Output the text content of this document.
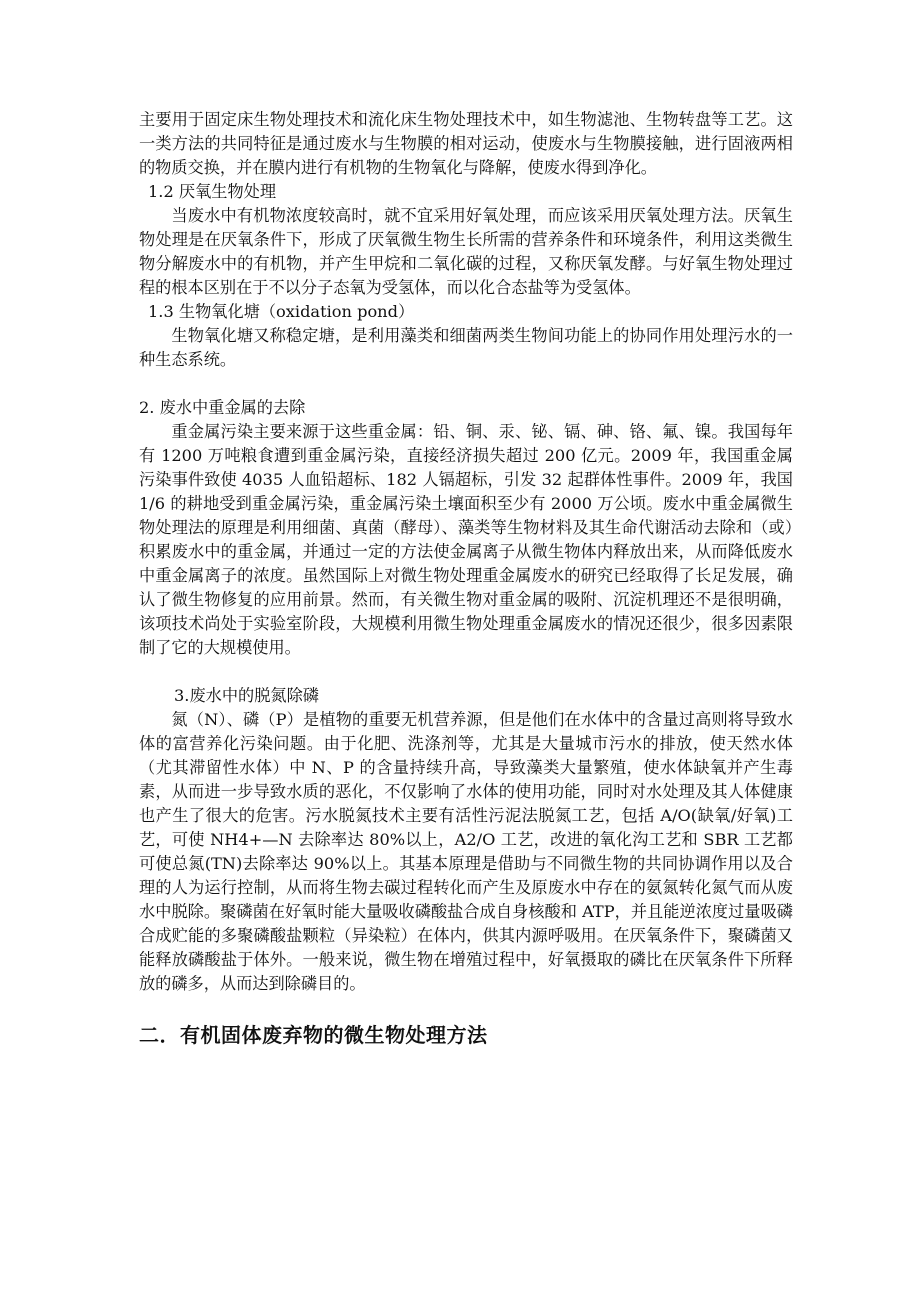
主要用于固定床生物处理技术和流化床生物处理技术中，如生物滤池、生物转盘等工艺。这一类方法的共同特征是通过废水与生物膜的相对运动，使废水与生物膜接触，进行固液两相的物质交换，并在膜内进行有机物的生物氧化与降解，使废水得到净化。

1.2 厌氧生物处理

当废水中有机物浓度较高时，就不宜采用好氧处理，而应该采用厌氧处理方法。厌氧生物处理是在厌氧条件下，形成了厌氧微生物生长所需的营养条件和环境条件，利用这类微生物分解废水中的有机物，并产生甲烷和二氧化碳的过程，又称厌氧发酵。与好氧生物处理过程的根本区别在于不以分子态氧为受氢体，而以化合态盐等为受氢体。

1.3 生物氧化塘（oxidation pond）

生物氧化塘又称稳定塘，是利用藻类和细菌两类生物间功能上的协同作用处理污水的一种生态系统。

2. 废水中重金属的去除

重金属污染主要来源于这些重金属：铅、铜、汞、铋、镉、砷、铬、氟、镍。我国每年有 1200 万吨粮食遭到重金属污染，直接经济损失超过 200 亿元。2009 年，我国重金属污染事件致使 4035 人血铅超标、182 人镉超标，引发 32 起群体性事件。2009 年，我国 1/6 的耕地受到重金属污染，重金属污染土壤面积至少有 2000 万公顷。废水中重金属微生物处理法的原理是利用细菌、真菌（酵母）、藻类等生物材料及其生命代谢活动去除和（或）积累废水中的重金属，并通过一定的方法使金属离子从微生物体内释放出来，从而降低废水中重金属离子的浓度。虽然国际上对微生物处理重金属废水的研究已经取得了长足发展，确认了微生物修复的应用前景。然而，有关微生物对重金属的吸附、沉淀机理还不是很明确，该项技术尚处于实验室阶段，大规模利用微生物处理重金属废水的情况还很少，很多因素限制了它的大规模使用。

3.废水中的脱氮除磷

氮（N）、磷（P）是植物的重要无机营养源，但是他们在水体中的含量过高则将导致水体的富营养化污染问题。由于化肥、洗涤剂等，尤其是大量城市污水的排放，使天然水体（尤其滞留性水体）中 N、P 的含量持续升高，导致藻类大量繁殖，使水体缺氧并产生毒素，从而进一步导致水质的恶化，不仅影响了水体的使用功能，同时对水处理及其人体健康也产生了很大的危害。污水脱氮技术主要有活性污泥法脱氮工艺，包括 A/O(缺氧/好氧)工艺，可使 NH4+—N 去除率达 80%以上，A2/O 工艺，改进的氧化沟工艺和 SBR 工艺都可使总氮(TN)去除率达 90%以上。其基本原理是借助与不同微生物的共同协调作用以及合理的人为运行控制，从而将生物去碳过程转化而产生及原废水中存在的氨氮转化氮气而从废水中脱除。聚磷菌在好氧时能大量吸收磷酸盐合成自身核酸和 ATP，并且能逆浓度过量吸磷合成贮能的多聚磷酸盐颗粒（异染粒）在体内，供其内源呼吸用。在厌氧条件下，聚磷菌又能释放磷酸盐于体外。一般来说，微生物在增殖过程中，好氧摄取的磷比在厌氧条件下所释放的磷多，从而达到除磷目的。

二．有机固体废弃物的微生物处理方法
